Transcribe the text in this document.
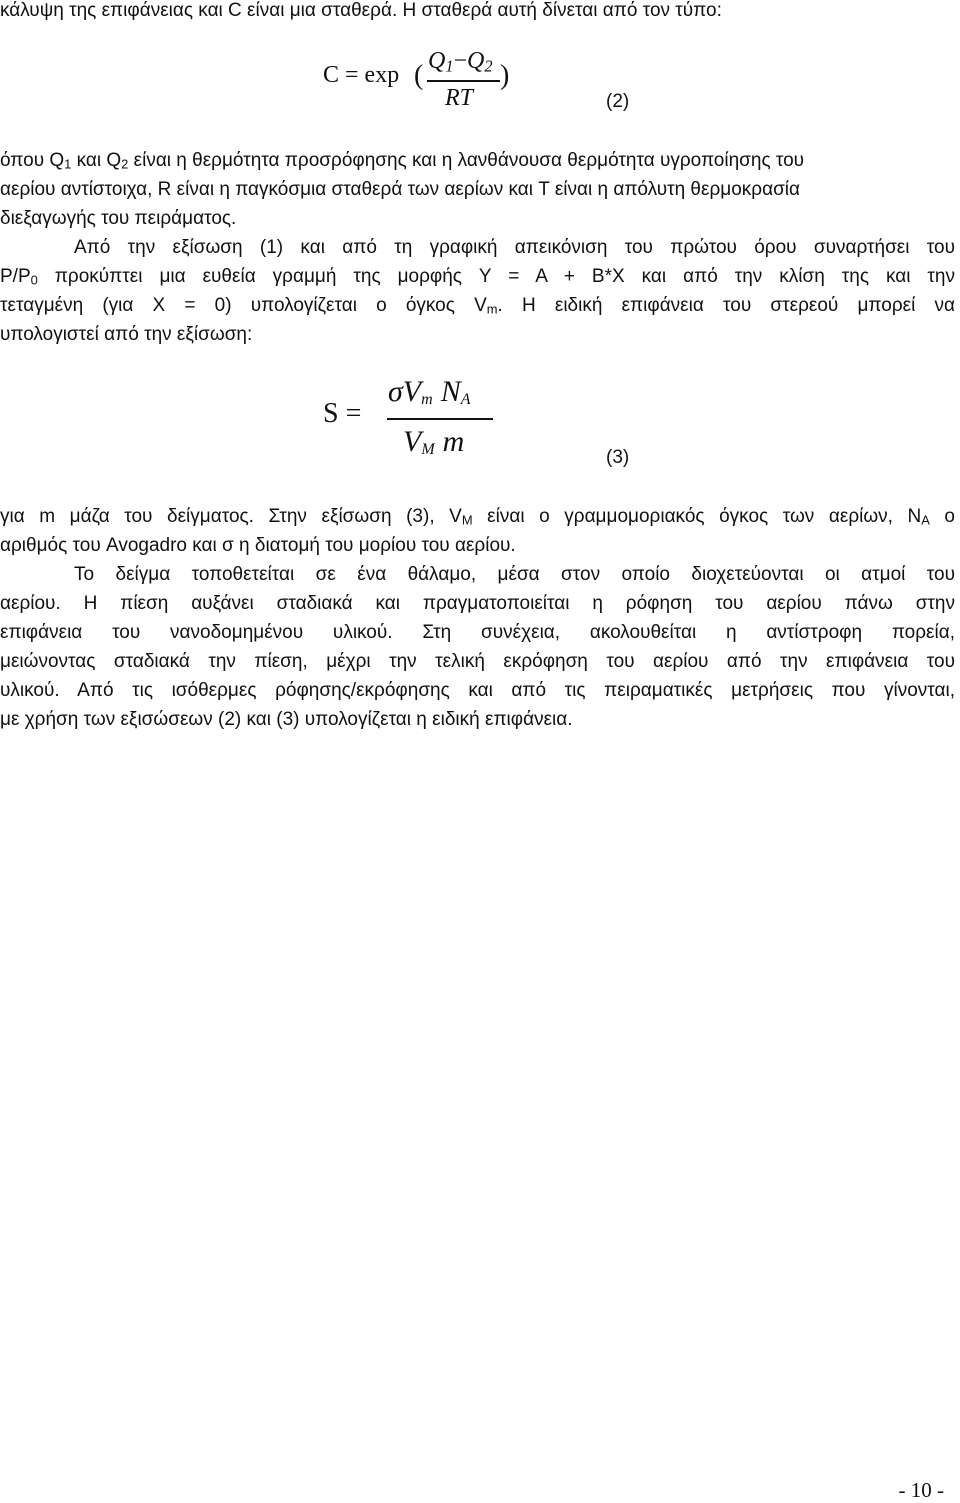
κάλυψη της επιφάνειας και C είναι μια σταθερά. Η σταθερά αυτή δίνεται από τον τύπο:
C = exp ( $Q_1-Q_2$
RT
)
(2)
όπου $Q_1$ και $Q_2$ είναι η θερμότητα προσρόφησης και η λανθάνουσα θερμότητα υγροποίησης του
αερίου αντίστοιχα, R είναι η παγκόσμια σταθερά των αερίων και T είναι η απόλυτη θερμοκρασία
διεξαγωγής του πειράματος.
Από την εξίσωση (1) και από τη γραφική απεικόνιση του πρώτου όρου συναρτήσει του
$P/P_0$ προκύπτει μια ευθεία γραμμή της μορφής Y = A + B*X και από την κλίση της και την
τεταγμένη (για X = 0) υπολογίζεται ο όγκος $V_m$. Η ειδική επιφάνεια του στερεού μπορεί να
υπολογιστεί από την εξίσωση:
S =
$\sigma V_m$ $N_A$
$V_M$ m	(3)
για m μάζα του δείγματος. Στην εξίσωση (3), $V_M$ είναι ο γραμμομοριακός όγκος των αερίων, $N_A$ ο
αριθμός του Avogadro και σ η διατομή του μορίου του αερίου.
Το δείγμα τοποθετείται σε ένα θάλαμο, μέσα στον οποίο διοχετεύονται οι ατμοί του
αερίου. Η πίεση αυξάνει σταδιακά και πραγματοποιείται η ρόφηση του αερίου πάνω στην
επιφάνεια του νανοδομημένου υλικού. Στη συνέχεια, ακολουθείται η αντίστροφη πορεία,
μειώνοντας σταδιακά την πίεση, μέχρι την τελική εκρόφηση του αερίου από την επιφάνεια του
υλικού. Από τις ισόθερμες ρόφησης/εκρόφησης και από τις πειραματικές μετρήσεις που γίνονται,
με χρήση των εξισώσεων (2) και (3) υπολογίζεται η ειδική επιφάνεια.
- 10 -
